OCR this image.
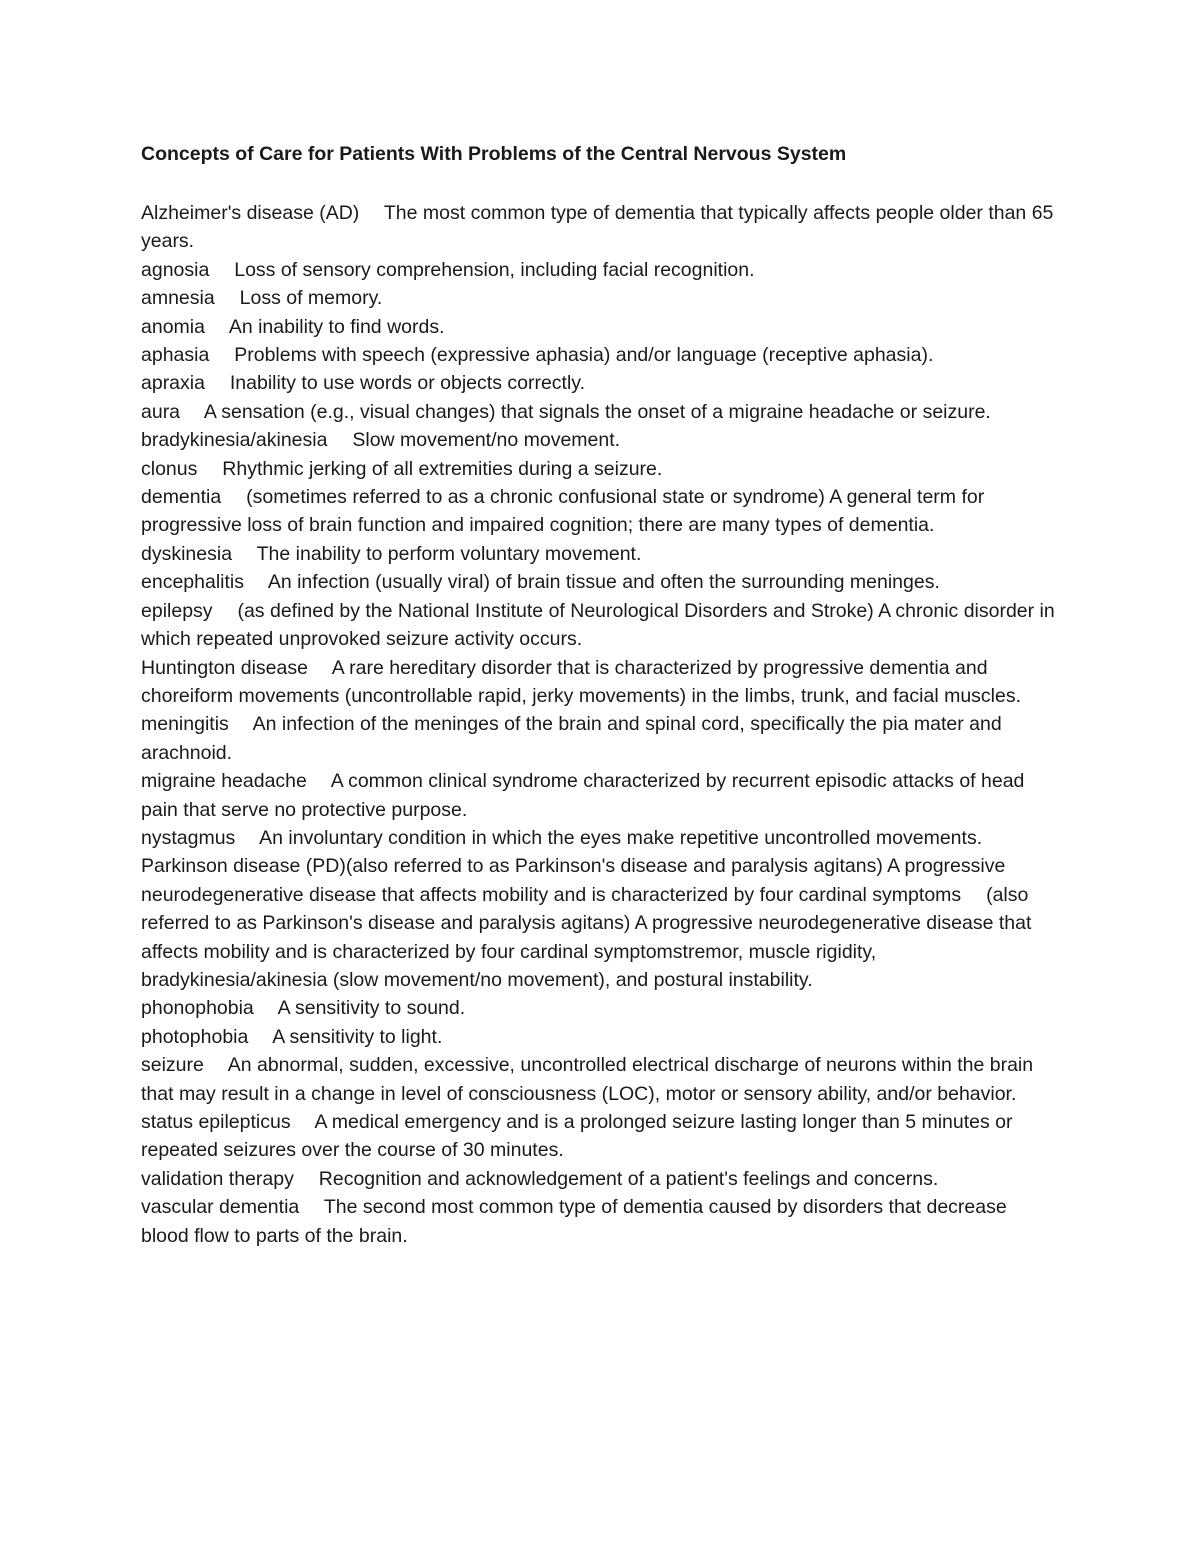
Concepts of Care for Patients With Problems of the Central Nervous System
Alzheimer's disease (AD)  The most common type of dementia that typically affects people older than 65 years.
agnosia  Loss of sensory comprehension, including facial recognition.
amnesia  Loss of memory.
anomia  An inability to find words.
aphasia  Problems with speech (expressive aphasia) and/or language (receptive aphasia).
apraxia  Inability to use words or objects correctly.
aura  A sensation (e.g., visual changes) that signals the onset of a migraine headache or seizure.
bradykinesia/akinesia  Slow movement/no movement.
clonus  Rhythmic jerking of all extremities during a seizure.
dementia  (sometimes referred to as a chronic confusional state or syndrome) A general term for progressive loss of brain function and impaired cognition; there are many types of dementia.
dyskinesia  The inability to perform voluntary movement.
encephalitis  An infection (usually viral) of brain tissue and often the surrounding meninges.
epilepsy  (as defined by the National Institute of Neurological Disorders and Stroke) A chronic disorder in which repeated unprovoked seizure activity occurs.
Huntington disease  A rare hereditary disorder that is characterized by progressive dementia and choreiform movements (uncontrollable rapid, jerky movements) in the limbs, trunk, and facial muscles.
meningitis  An infection of the meninges of the brain and spinal cord, specifically the pia mater and arachnoid.
migraine headache  A common clinical syndrome characterized by recurrent episodic attacks of head pain that serve no protective purpose.
nystagmus  An involuntary condition in which the eyes make repetitive uncontrolled movements.
Parkinson disease (PD)(also referred to as Parkinson's disease and paralysis agitans) A progressive neurodegenerative disease that affects mobility and is characterized by four cardinal symptoms  (also referred to as Parkinson's disease and paralysis agitans) A progressive neurodegenerative disease that affects mobility and is characterized by four cardinal symptomstremor, muscle rigidity, bradykinesia/akinesia (slow movement/no movement), and postural instability.
phonophobia  A sensitivity to sound.
photophobia  A sensitivity to light.
seizure  An abnormal, sudden, excessive, uncontrolled electrical discharge of neurons within the brain that may result in a change in level of consciousness (LOC), motor or sensory ability, and/or behavior.
status epilepticus  A medical emergency and is a prolonged seizure lasting longer than 5 minutes or repeated seizures over the course of 30 minutes.
validation therapy  Recognition and acknowledgement of a patient's feelings and concerns.
vascular dementia  The second most common type of dementia caused by disorders that decrease blood flow to parts of the brain.
